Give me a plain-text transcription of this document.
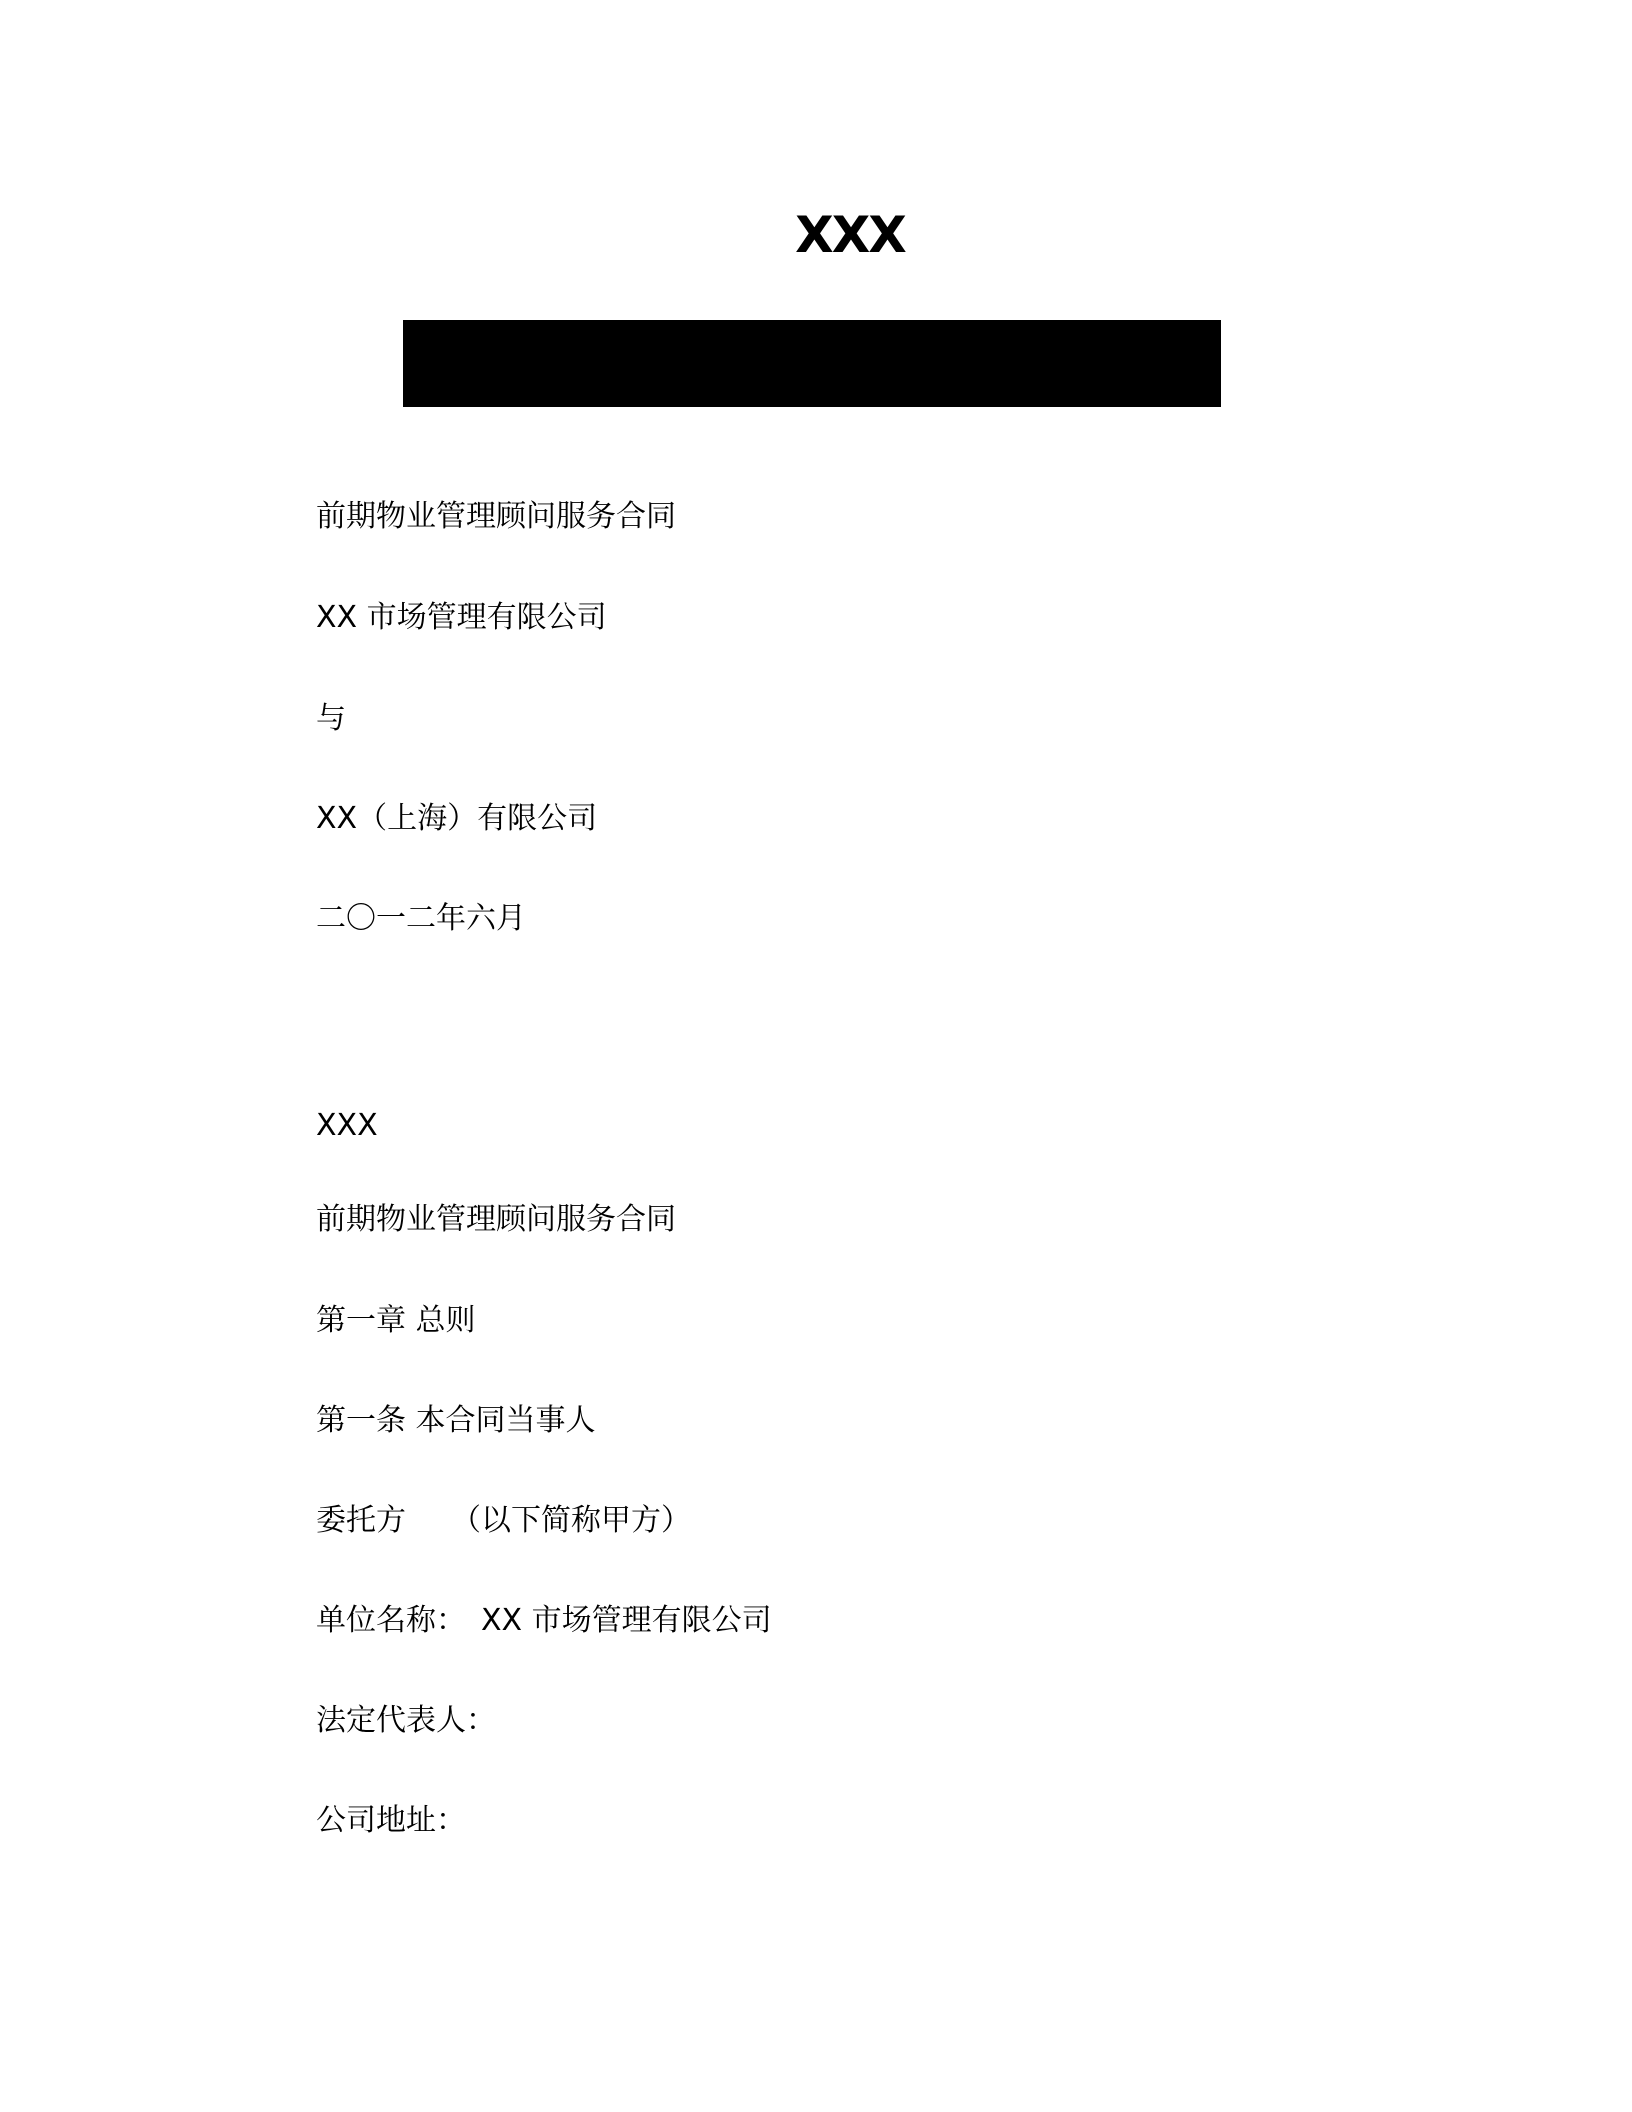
XXX
前期物业管理顾问服务合同
XX 市场管理有限公司
与
XX（上海）有限公司
二〇一二年六月
XXX
前期物业管理顾问服务合同
第一章 总则
第一条 本合同当事人
委托方　　（以下简称甲方）
单位名称：　XX 市场管理有限公司
法定代表人：
公司地址：
